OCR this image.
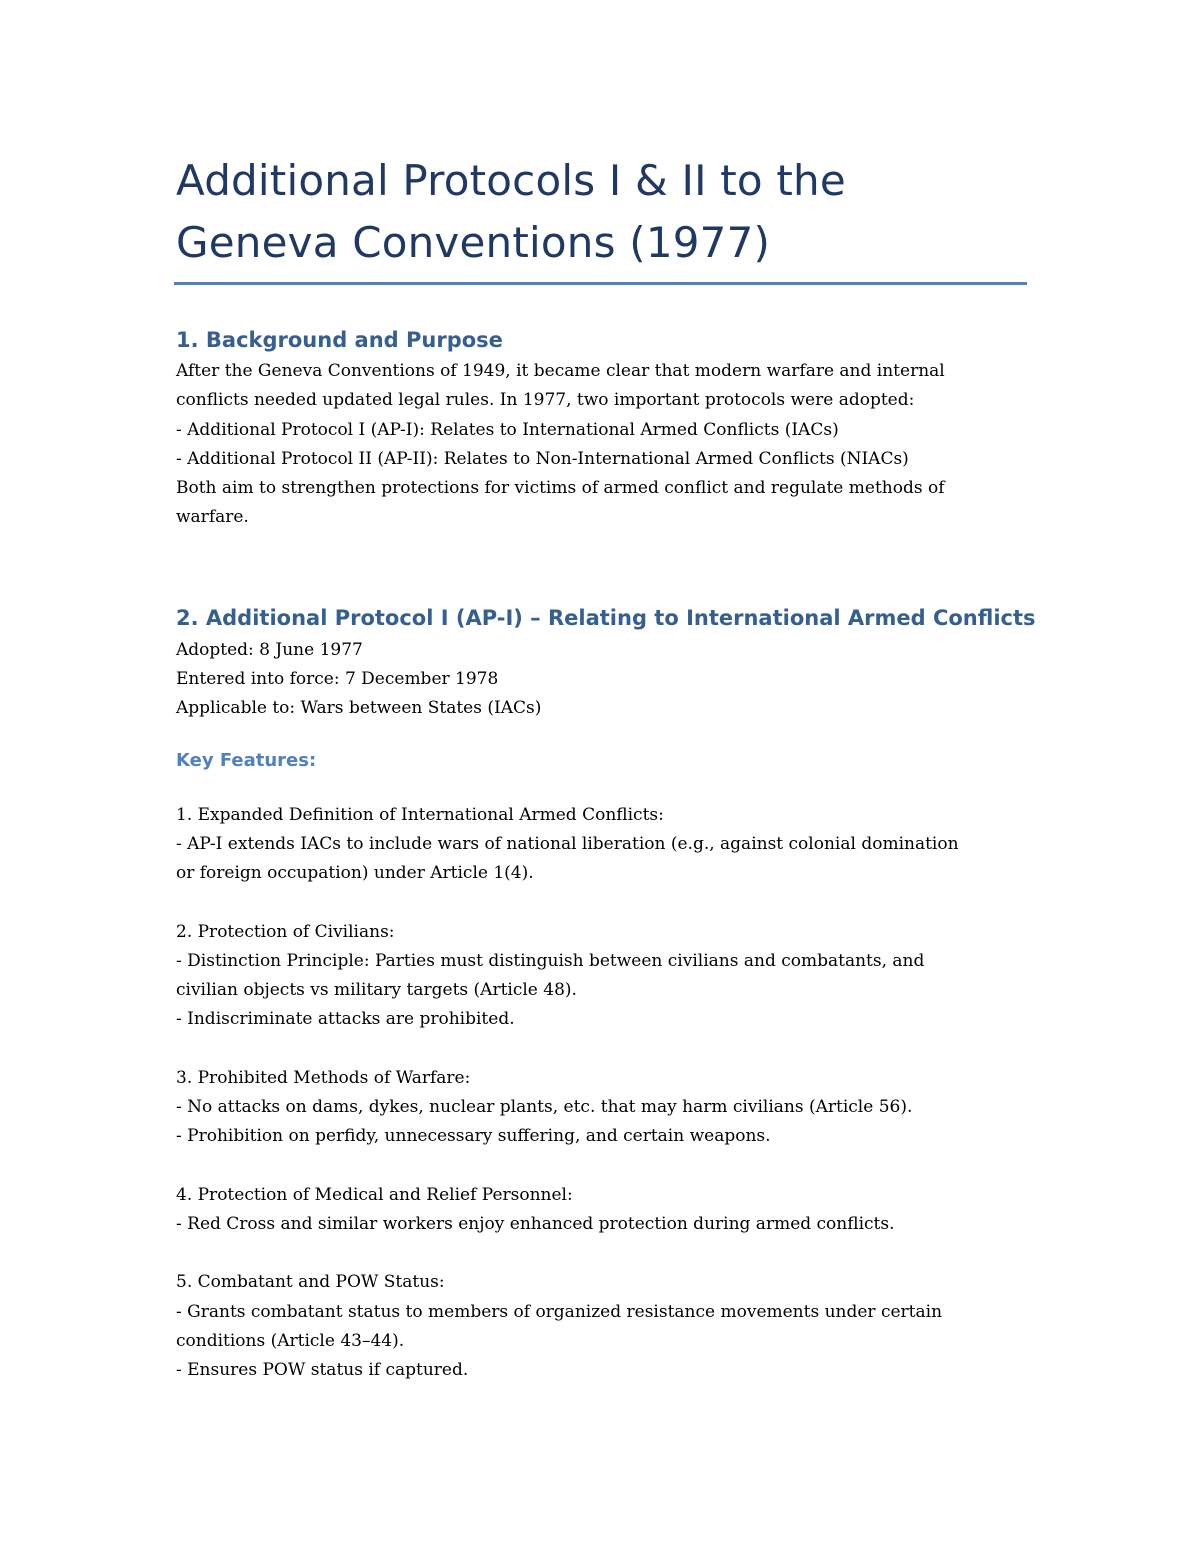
Additional Protocols I & II to the
Geneva Conventions (1977)
1. Background and Purpose
After the Geneva Conventions of 1949, it became clear that modern warfare and internal
conflicts needed updated legal rules. In 1977, two important protocols were adopted:
- Additional Protocol I (AP-I): Relates to International Armed Conflicts (IACs)
- Additional Protocol II (AP-II): Relates to Non-International Armed Conflicts (NIACs)
Both aim to strengthen protections for victims of armed conflict and regulate methods of
warfare.
2. Additional Protocol I (AP-I) – Relating to International Armed Conflicts
Adopted: 8 June 1977
Entered into force: 7 December 1978
Applicable to: Wars between States (IACs)
Key Features:
1. Expanded Definition of International Armed Conflicts:
- AP-I extends IACs to include wars of national liberation (e.g., against colonial domination
or foreign occupation) under Article 1(4).
2. Protection of Civilians:
- Distinction Principle: Parties must distinguish between civilians and combatants, and
civilian objects vs military targets (Article 48).
- Indiscriminate attacks are prohibited.
3. Prohibited Methods of Warfare:
- No attacks on dams, dykes, nuclear plants, etc. that may harm civilians (Article 56).
- Prohibition on perfidy, unnecessary suffering, and certain weapons.
4. Protection of Medical and Relief Personnel:
- Red Cross and similar workers enjoy enhanced protection during armed conflicts.
5. Combatant and POW Status:
- Grants combatant status to members of organized resistance movements under certain
conditions (Article 43–44).
- Ensures POW status if captured.
